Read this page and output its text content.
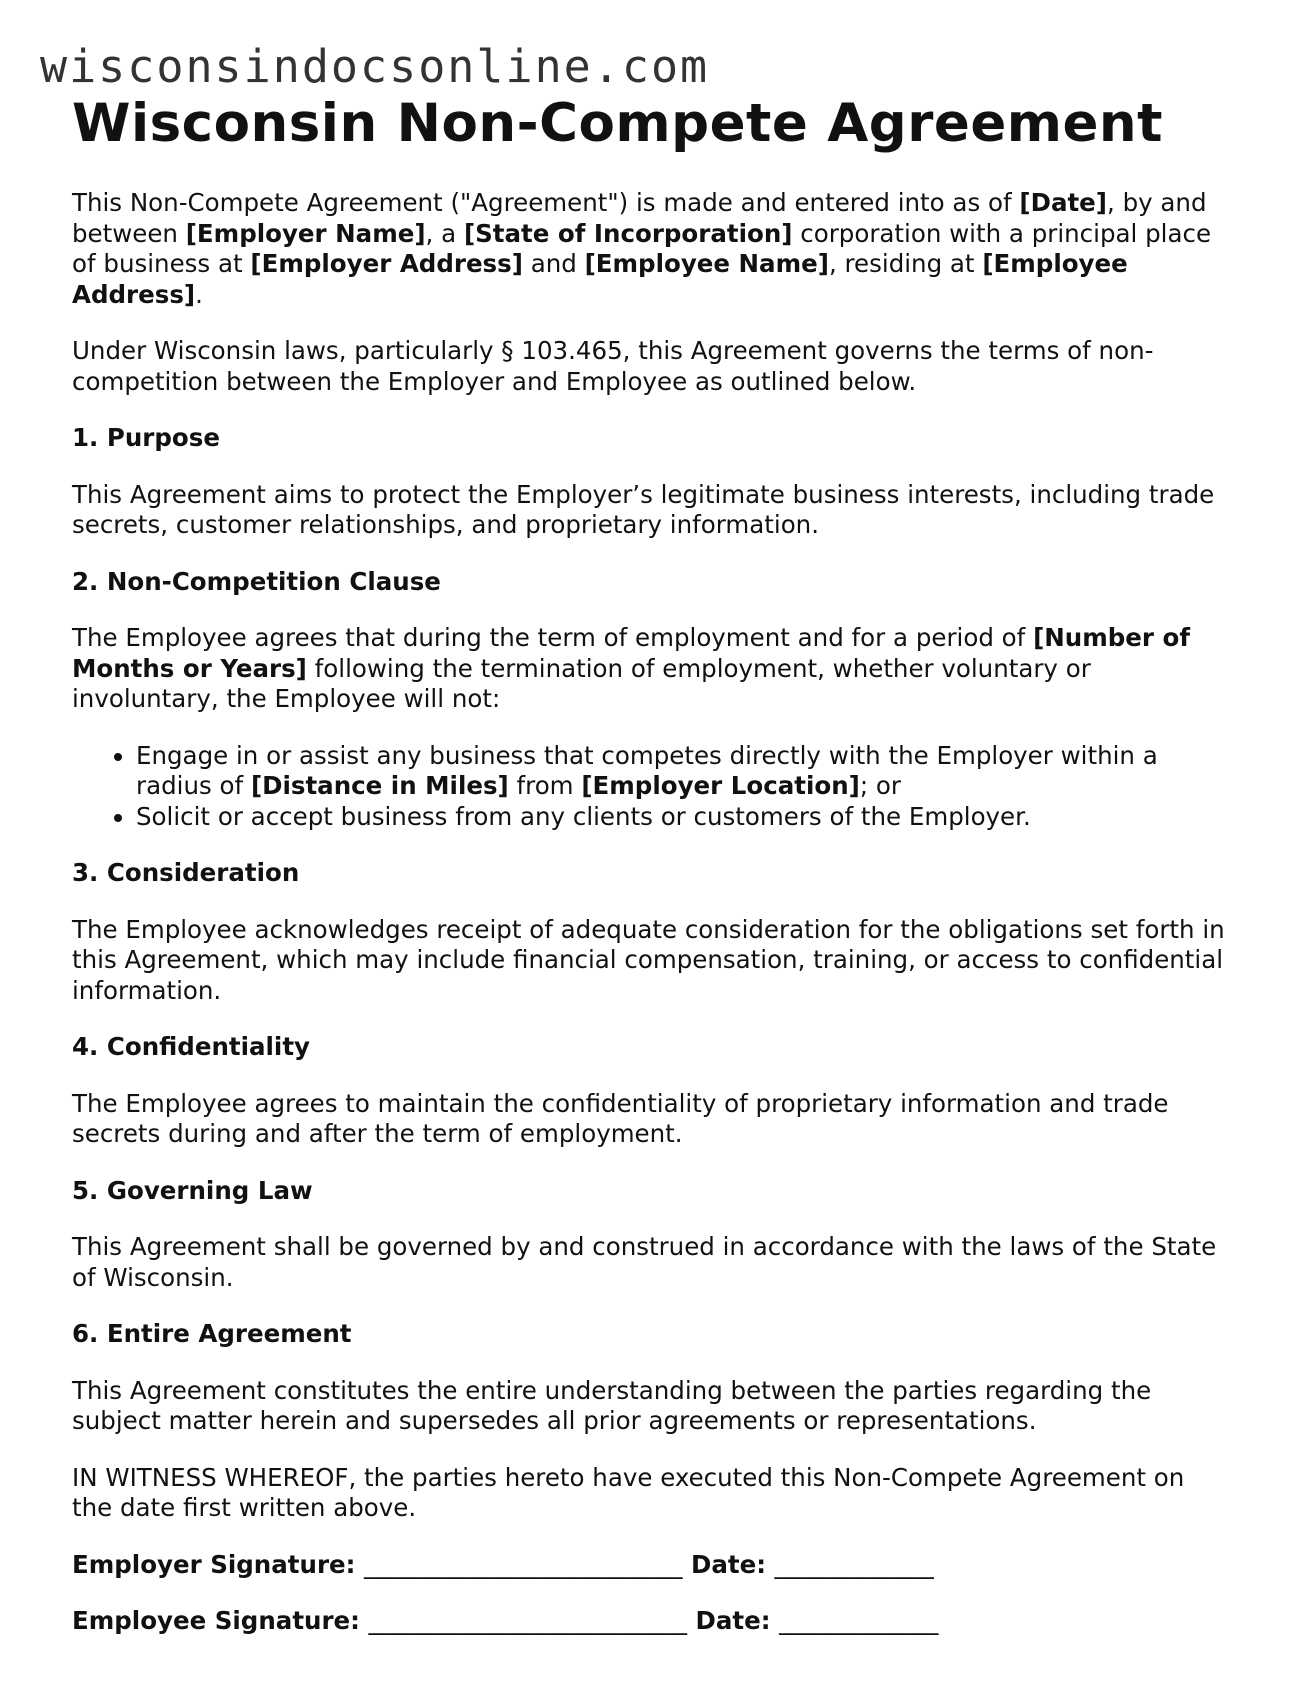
wisconsindocsonline.com
Wisconsin Non-Compete Agreement

This Non-Compete Agreement ("Agreement") is made and entered into as of [Date], by and between [Employer Name], a [State of Incorporation] corporation with a principal place of business at [Employer Address] and [Employee Name], residing at [Employee Address].

Under Wisconsin laws, particularly § 103.465, this Agreement governs the terms of non-competition between the Employer and Employee as outlined below.

1. Purpose

This Agreement aims to protect the Employer’s legitimate business interests, including trade secrets, customer relationships, and proprietary information.

2. Non-Competition Clause

The Employee agrees that during the term of employment and for a period of [Number of Months or Years] following the termination of employment, whether voluntary or involuntary, the Employee will not:

• Engage in or assist any business that competes directly with the Employer within a radius of [Distance in Miles] from [Employer Location]; or
• Solicit or accept business from any clients or customers of the Employer.
3. Consideration

The Employee acknowledges receipt of adequate consideration for the obligations set forth in this Agreement, which may include financial compensation, training, or access to confidential information.

4. Confidentiality

The Employee agrees to maintain the confidentiality of proprietary information and trade secrets during and after the term of employment.

5. Governing Law

This Agreement shall be governed by and construed in accordance with the laws of the State of Wisconsin.

6. Entire Agreement

This Agreement constitutes the entire understanding between the parties regarding the subject matter herein and supersedes all prior agreements or representations.

IN WITNESS WHEREOF, the parties hereto have executed this Non-Compete Agreement on the date first written above.

Employer Signature: __________________________ Date: _____________
Employee Signature: __________________________ Date: _____________
